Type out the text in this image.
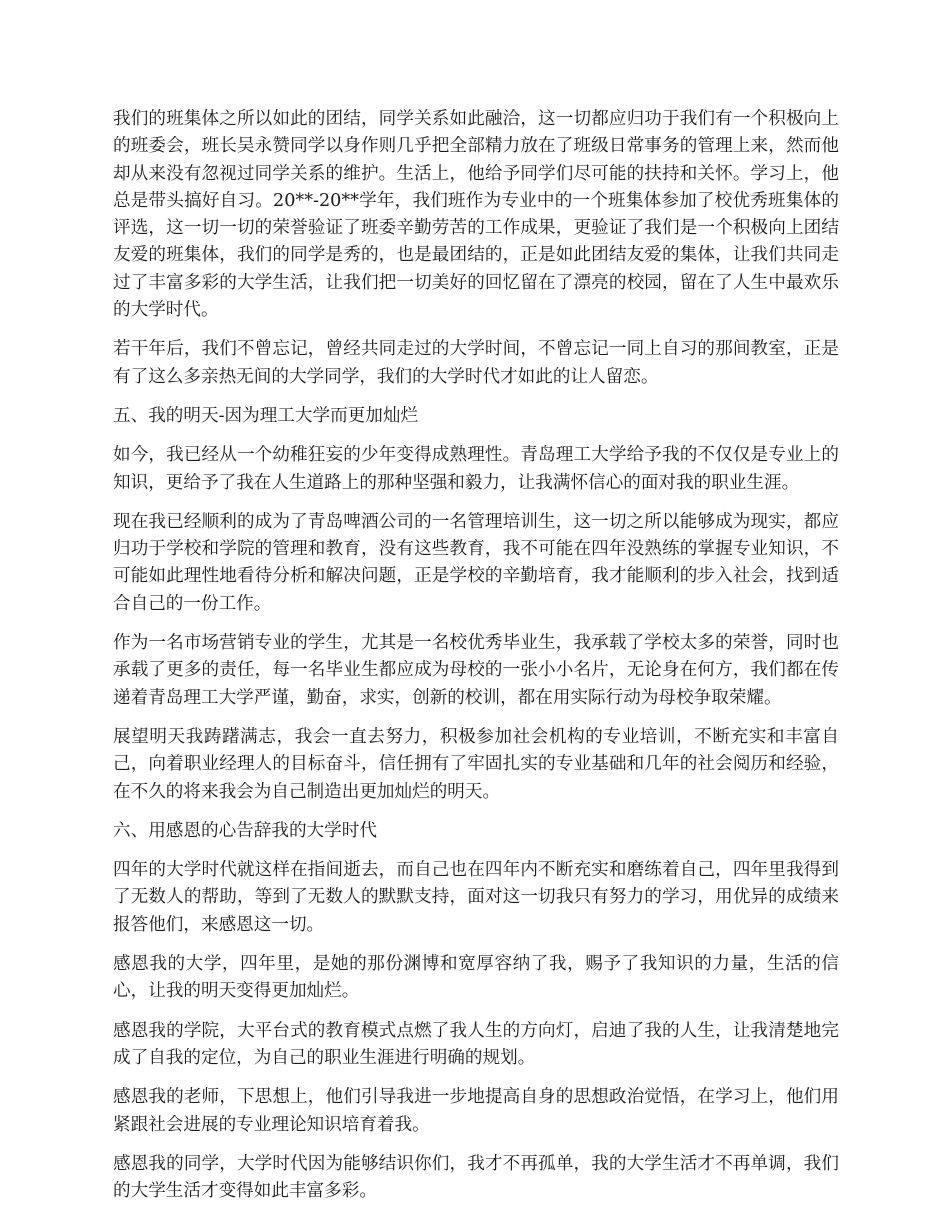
我们的班集体之所以如此的团结，同学关系如此融洽，这一切都应归功于我们有一个积极向上的班委会，班长吴永赞同学以身作则几乎把全部精力放在了班级日常事务的管理上来，然而他却从来没有忽视过同学关系的维护。生活上，他给予同学们尽可能的扶持和关怀。学习上，他总是带头搞好自习。20**-20**学年，我们班作为专业中的一个班集体参加了校优秀班集体的评选，这一切一切的荣誉验证了班委辛勤劳苦的工作成果，更验证了我们是一个积极向上团结友爱的班集体，我们的同学是秀的，也是最团结的，正是如此团结友爱的集体，让我们共同走过了丰富多彩的大学生活，让我们把一切美好的回忆留在了漂亮的校园，留在了人生中最欢乐的大学时代。

若干年后，我们不曾忘记，曾经共同走过的大学时间，不曾忘记一同上自习的那间教室，正是有了这么多亲热无间的大学同学，我们的大学时代才如此的让人留恋。

五、我的明天-因为理工大学而更加灿烂

如今，我已经从一个幼稚狂妄的少年变得成熟理性。青岛理工大学给予我的不仅仅是专业上的知识，更给予了我在人生道路上的那种坚强和毅力，让我满怀信心的面对我的职业生涯。

现在我已经顺利的成为了青岛啤酒公司的一名管理培训生，这一切之所以能够成为现实，都应归功于学校和学院的管理和教育，没有这些教育，我不可能在四年没熟练的掌握专业知识，不可能如此理性地看待分析和解决问题，正是学校的辛勤培育，我才能顺利的步入社会，找到适合自己的一份工作。

作为一名市场营销专业的学生，尤其是一名校优秀毕业生，我承载了学校太多的荣誉，同时也承载了更多的责任，每一名毕业生都应成为母校的一张小小名片，无论身在何方，我们都在传递着青岛理工大学严谨，勤奋，求实，创新的校训，都在用实际行动为母校争取荣耀。

展望明天我踌躇满志，我会一直去努力，积极参加社会机构的专业培训，不断充实和丰富自己，向着职业经理人的目标奋斗，信任拥有了牢固扎实的专业基础和几年的社会阅历和经验，在不久的将来我会为自己制造出更加灿烂的明天。

六、用感恩的心告辞我的大学时代

四年的大学时代就这样在指间逝去，而自己也在四年内不断充实和磨练着自己，四年里我得到了无数人的帮助，等到了无数人的默默支持，面对这一切我只有努力的学习，用优异的成绩来报答他们，来感恩这一切。

感恩我的大学，四年里，是她的那份渊博和宽厚容纳了我，赐予了我知识的力量，生活的信心，让我的明天变得更加灿烂。

感恩我的学院，大平台式的教育模式点燃了我人生的方向灯，启迪了我的人生，让我清楚地完成了自我的定位，为自己的职业生涯进行明确的规划。

感恩我的老师，下思想上，他们引导我进一步地提高自身的思想政治觉悟，在学习上，他们用紧跟社会进展的专业理论知识培育着我。

感恩我的同学，大学时代因为能够结识你们，我才不再孤单，我的大学生活才不再单调，我们的大学生活才变得如此丰富多彩。
